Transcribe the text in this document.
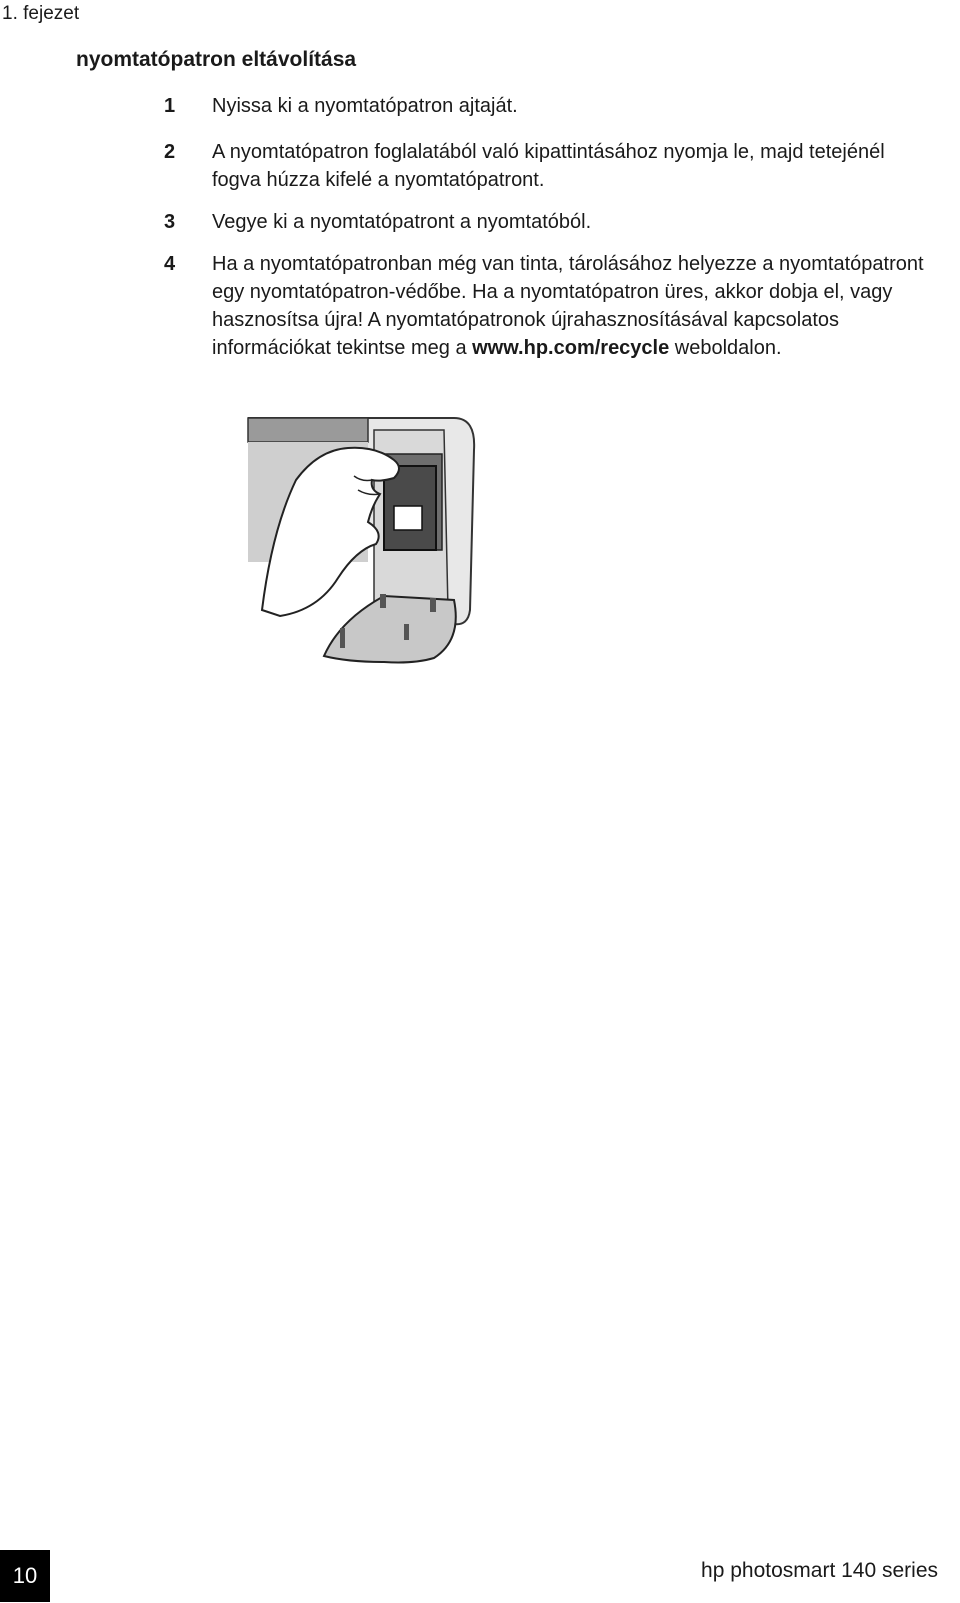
1. fejezet
nyomtatópatron eltávolítása
1	Nyissa ki a nyomtatópatron ajtaját.
2	A nyomtatópatron foglalatából való kipattintásához nyomja le, majd tetejénél fogva húzza kifelé a nyomtatópatront.
3	Vegye ki a nyomtatópatront a nyomtatóból.
4	Ha a nyomtatópatronban még van tinta, tárolásához helyezze a nyomtatópatront egy nyomtatópatron-védőbe. Ha a nyomtatópatron üres, akkor dobja el, vagy hasznosítsa újra! A nyomtatópatronok újrahasznosításával kapcsolatos információkat tekintse meg a www.hp.com/recycle weboldalon.
10	hp photosmart 140 series
